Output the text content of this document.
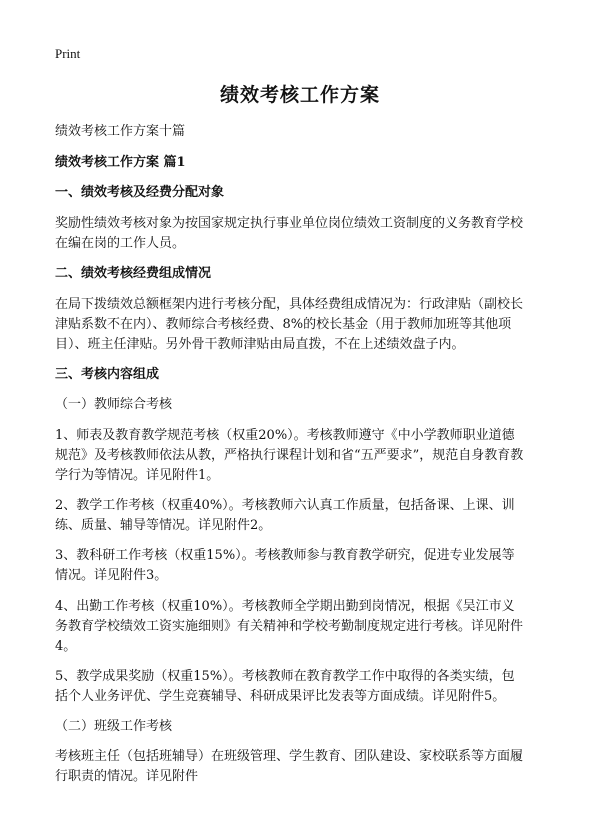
Print
绩效考核工作方案
绩效考核工作方案十篇
绩效考核工作方案 篇1
一、绩效考核及经费分配对象
奖励性绩效考核对象为按国家规定执行事业单位岗位绩效工资制度的义务教育学校
在编在岗的工作人员。
二、绩效考核经费组成情况
在局下拨绩效总额框架内进行考核分配，具体经费组成情况为：行政津贴（副校长
津贴系数不在内）、教师综合考核经费、8%的校长基金（用于教师加班等其他项
目）、班主任津贴。另外骨干教师津贴由局直拨，不在上述绩效盘子内。
三、考核内容组成
（一）教师综合考核
1、师表及教育教学规范考核（权重20%）。考核教师遵守《中小学教师职业道德
规范》及考核教师依法从教，严格执行课程计划和省“五严要求”，规范自身教育教
学行为等情况。详见附件1。
2、教学工作考核（权重40%）。考核教师六认真工作质量，包括备课、上课、训
练、质量、辅导等情况。详见附件2。
3、教科研工作考核（权重15%）。考核教师参与教育教学研究，促进专业发展等
情况。详见附件3。
4、出勤工作考核（权重10%）。考核教师全学期出勤到岗情况，根据《吴江市义
务教育学校绩效工资实施细则》有关精神和学校考勤制度规定进行考核。详见附件
4。
5、教学成果奖励（权重15%）。考核教师在教育教学工作中取得的各类实绩，包
括个人业务评优、学生竞赛辅导、科研成果评比发表等方面成绩。详见附件5。
（二）班级工作考核
考核班主任（包括班辅导）在班级管理、学生教育、团队建设、家校联系等方面履
行职责的情况。详见附件
